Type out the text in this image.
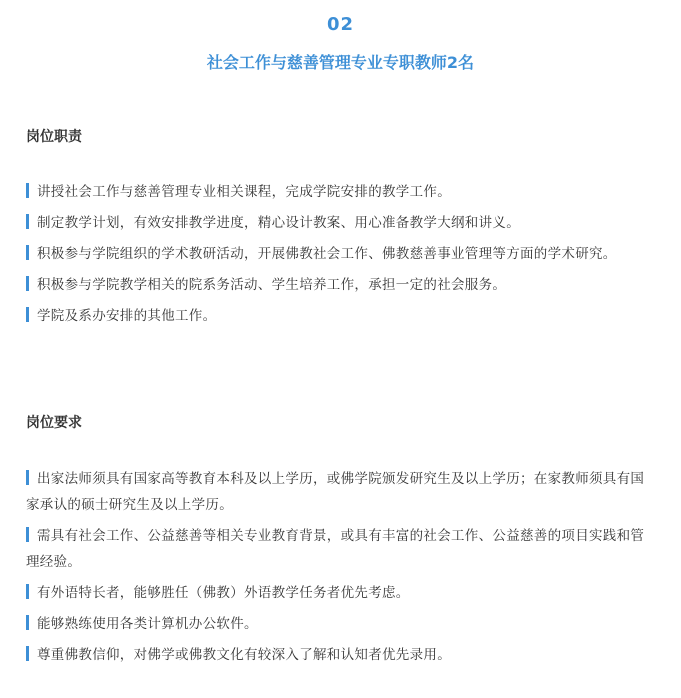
02
社会工作与慈善管理专业专职教师2名
岗位职责
讲授社会工作与慈善管理专业相关课程，完成学院安排的教学工作。
制定教学计划，有效安排教学进度，精心设计教案、用心准备教学大纲和讲义。
积极参与学院组织的学术教研活动，开展佛教社会工作、佛教慈善事业管理等方面的学术研究。
积极参与学院教学相关的院系务活动、学生培养工作，承担一定的社会服务。
学院及系办安排的其他工作。
岗位要求
出家法师须具有国家高等教育本科及以上学历，或佛学院颁发研究生及以上学历；在家教师须具有国家承认的硕士研究生及以上学历。
需具有社会工作、公益慈善等相关专业教育背景，或具有丰富的社会工作、公益慈善的项目实践和管理经验。
有外语特长者，能够胜任（佛教）外语教学任务者优先考虑。
能够熟练使用各类计算机办公软件。
尊重佛教信仰，对佛学或佛教文化有较深入了解和认知者优先录用。
